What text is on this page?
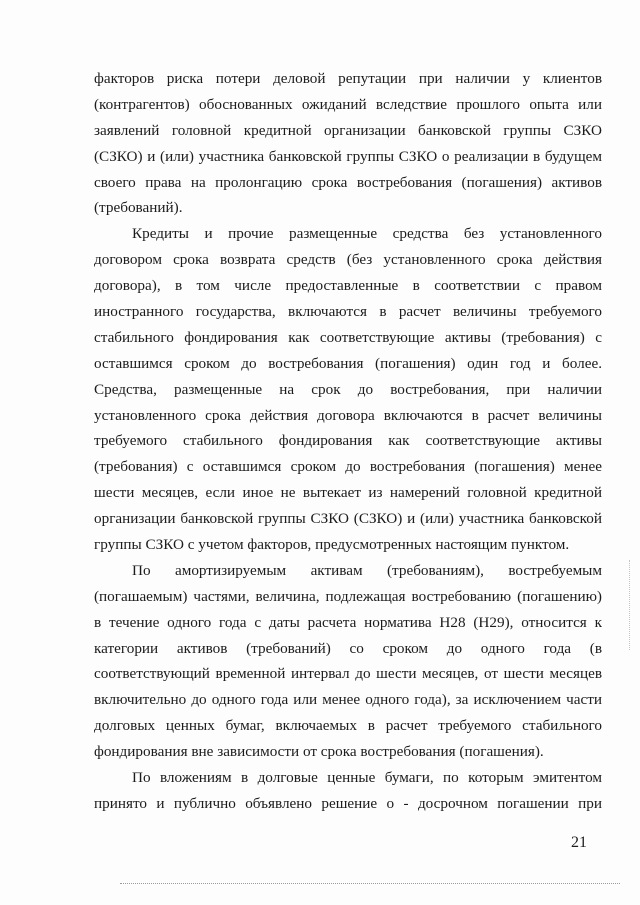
факторов риска потери деловой репутации при наличии у клиентов
(контрагентов) обоснованных ожиданий вследствие прошлого опыта или
заявлений головной кредитной организации банковской группы СЗКО
(СЗКО) и (или) участника банковской группы СЗКО о реализации в будущем
своего права на пролонгацию срока востребования (погашения) активов
(требований).

Кредиты и прочие размещенные средства без установленного
договором срока возврата средств (без установленного срока действия
договора), в том числе предоставленные в соответствии с правом
иностранного государства, включаются в расчет величины требуемого
стабильного фондирования как соответствующие активы (требования) с
оставшимся сроком до востребования (погашения) один год и более.
Средства, размещенные на срок до востребования, при наличии
установленного срока действия договора включаются в расчет величины
требуемого стабильного фондирования как соответствующие активы
(требования) с оставшимся сроком до востребования (погашения) менее
шести месяцев, если иное не вытекает из намерений головной кредитной
организации банковской группы СЗКО (СЗКО) и (или) участника банковской
группы СЗКО с учетом факторов, предусмотренных настоящим пунктом.

По амортизируемым активам (требованиям), востребуемым
(погашаемым) частями, величина, подлежащая востребованию (погашению)
в течение одного года с даты расчета норматива Н28 (Н29), относится к
категории активов (требований) со сроком до одного года (в
соответствующий временной интервал до шести месяцев, от шести месяцев
включительно до одного года или менее одного года), за исключением части
долговых ценных бумаг, включаемых в расчет требуемого стабильного
фондирования вне зависимости от срока востребования (погашения).

По вложениям в долговые ценные бумаги, по которым эмитентом
принято и публично объявлено решение о ‑ досрочном погашении при

21
